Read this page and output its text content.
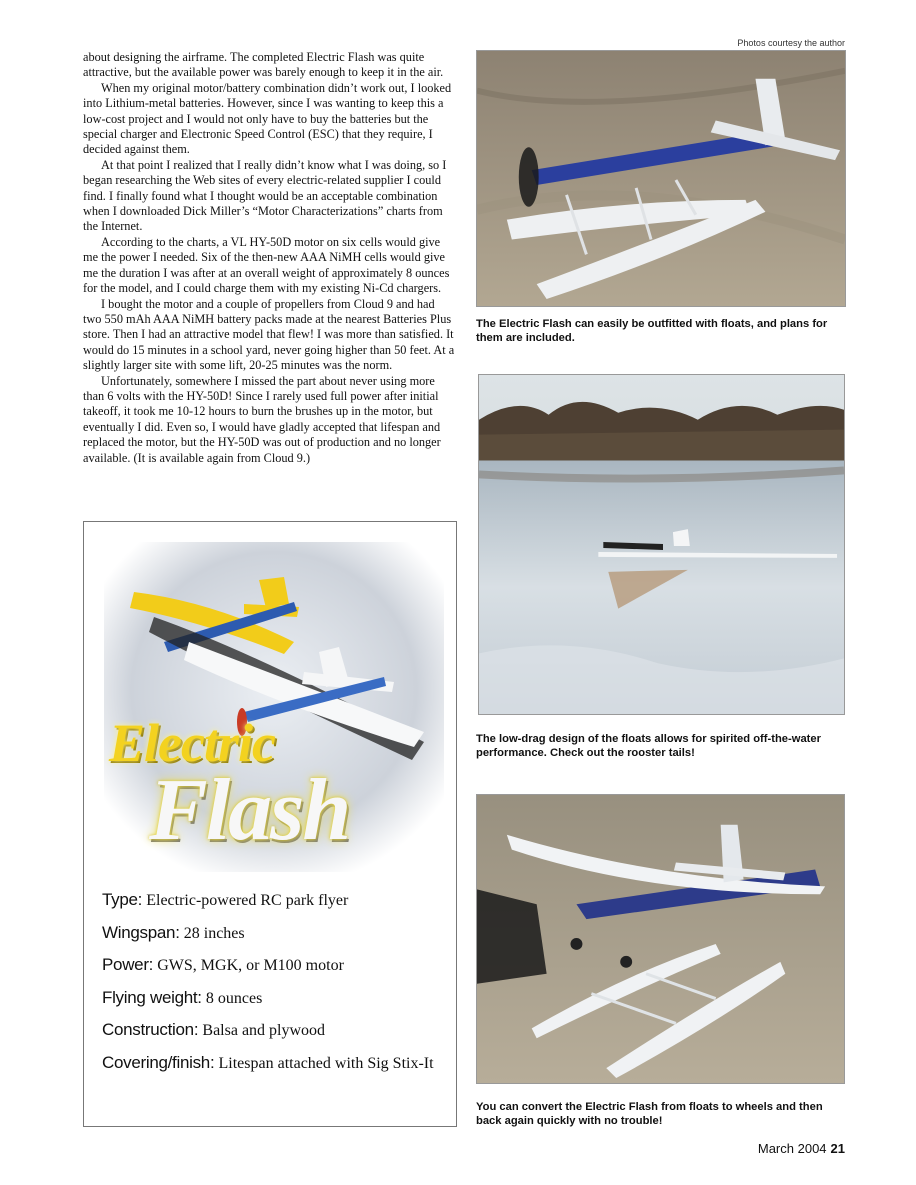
Photos courtesy the author

about designing the airframe. The completed Electric Flash was quite attractive, but the available power was barely enough to keep it in the air.

When my original motor/battery combination didn’t work out, I looked into Lithium-metal batteries. However, since I was wanting to keep this a low-cost project and I would not only have to buy the batteries but the special charger and Electronic Speed Control (ESC) that they require, I decided against them.

At that point I realized that I really didn’t know what I was doing, so I began researching the Web sites of every electric-related supplier I could find. I finally found what I thought would be an acceptable combination when I downloaded Dick Miller’s “Motor Characterizations” charts from the Internet.

According to the charts, a VL HY-50D motor on six cells would give me the power I needed. Six of the then-new AAA NiMH cells would give me the duration I was after at an overall weight of approximately 8 ounces for the model, and I could charge them with my existing Ni-Cd chargers.

I bought the motor and a couple of propellers from Cloud 9 and had two 550 mAh AAA NiMH battery packs made at the nearest Batteries Plus store. Then I had an attractive model that flew! I was more than satisfied. It would do 15 minutes in a school yard, never going higher than 50 feet. At a slightly larger site with some lift, 20-25 minutes was the norm.

Unfortunately, somewhere I missed the part about never using more than 6 volts with the HY-50D! Since I rarely used full power after initial takeoff, it took me 10-12 hours to burn the brushes up in the motor, but eventually I did. Even so, I would have gladly accepted that lifespan and replaced the motor, but the HY-50D was out of production and no longer available. (It is available again from Cloud 9.)

The Electric Flash can easily be outfitted with floats, and plans for them are included.
The low-drag design of the floats allows for spirited off-the-water performance. Check out the rooster tails!
You can convert the Electric Flash from floats to wheels and then back again quickly with no trouble!
Electric
Flash
Type: Electric-powered RC park flyer
Wingspan: 28 inches
Power: GWS, MGK, or M100 motor
Flying weight: 8 ounces
Construction: Balsa and plywood
Covering/finish: Litespan attached with Sig Stix-It
March 2004 21
